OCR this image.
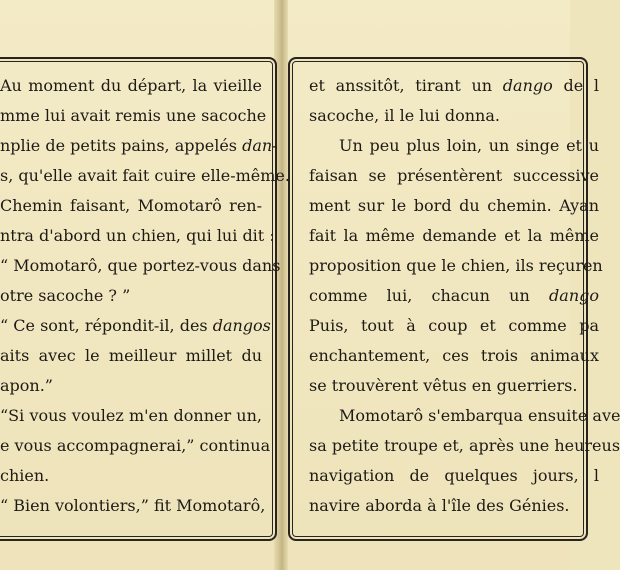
Au moment du départ, la vieille
mme lui avait remis une sacoche
nplie de petits pains, appelés dan-
s, qu'elle avait fait cuire elle-même.
Chemin faisant, Momotarô ren-
ntra d'abord un chien, qui lui dit :
“ Momotarô, que portez-vous dans
otre sacoche ? ”
“ Ce sont, répondit-il, des dangos
aits avec le meilleur millet du
apon.”
“Si vous voulez m'en donner un,
e vous accompagnerai,” continua
chien.
“ Bien volontiers,” fit Momotarô,
et anssitôt, tirant un dango de l
sacoche, il le lui donna.
Un peu plus loin, un singe et u
faisan se présentèrent successive
ment sur le bord du chemin. Ayan
fait la même demande et la même
proposition que le chien, ils reçuren
comme lui, chacun un dango
Puis, tout à coup et comme pa
enchantement, ces trois animaux
se trouvèrent vêtus en guerriers.
Momotarô s'embarqua ensuite ave
sa petite troupe et, après une heureus
navigation de quelques jours, l
navire aborda à l'île des Génies.
